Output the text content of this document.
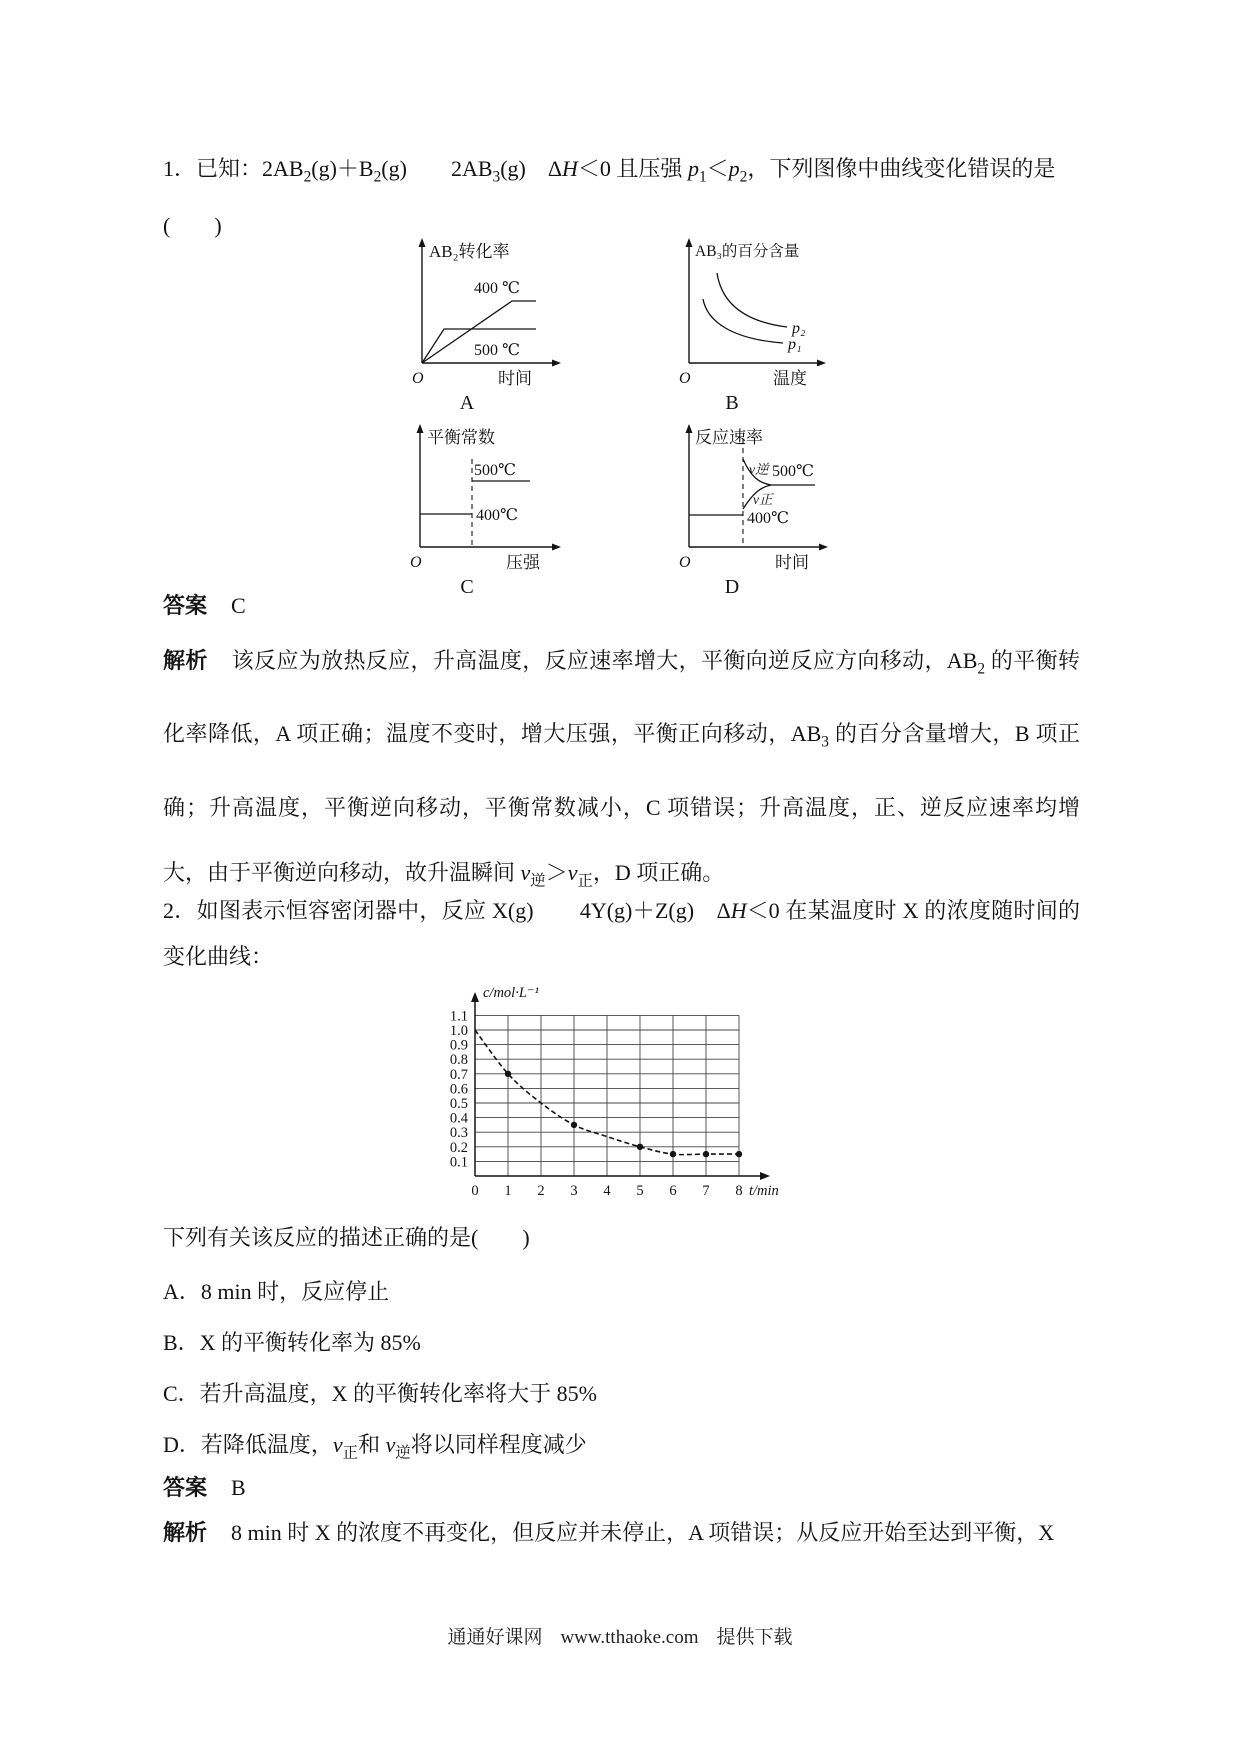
1．已知：$2AB_2(g)+B_2(g)$        $2AB_3(g)$　ΔH＜0 且压强 $p_1<p_2$，下列图像中曲线变化错误的是

(　　)

AB₂转化率
400 ℃
500 ℃
O	时间
A
AB₃的百分含量
p₂
p₁
O	温度
B
平衡常数
500℃
400℃
O	压强
C
反应速率
v逆 500℃
v正
400℃
O	时间
D

答案 C

解析 该反应为放热反应，升高温度，反应速率增大，平衡向逆反应方向移动，$AB_2$ 的平衡转化率降低，A 项正确；温度不变时，增大压强，平衡正向移动，$AB_3$ 的百分含量增大，B 项正确；升高温度，平衡逆向移动，平衡常数减小，C 项错误；升高温度，正、逆反应速率均增大，由于平衡逆向移动，故升温瞬间 $v_逆>v_正$，D 项正确。

2．如图表示恒容密闭器中，反应 X(g)        4Y(g)＋Z(g)　ΔH＜0 在某温度时 X 的浓度随时间的变化曲线：

0.1
0.2
0.3
0.4
0.5
0.6
0.7
0.8
0.9
1.0
1.1
0 1 2 3 4 5 6 7 8
c/mol·L⁻¹
t/min

下列有关该反应的描述正确的是(　　)

A．8 min 时，反应停止

B．X 的平衡转化率为 85%

C．若升高温度，X 的平衡转化率将大于 85%

D．若降低温度，$v_正$和 $v_逆$将以同样程度减少

答案 B

解析 8 min 时 X 的浓度不再变化，但反应并未停止，A 项错误；从反应开始至达到平衡，X

通通好课网 www.tthaoke.com 提供下载
